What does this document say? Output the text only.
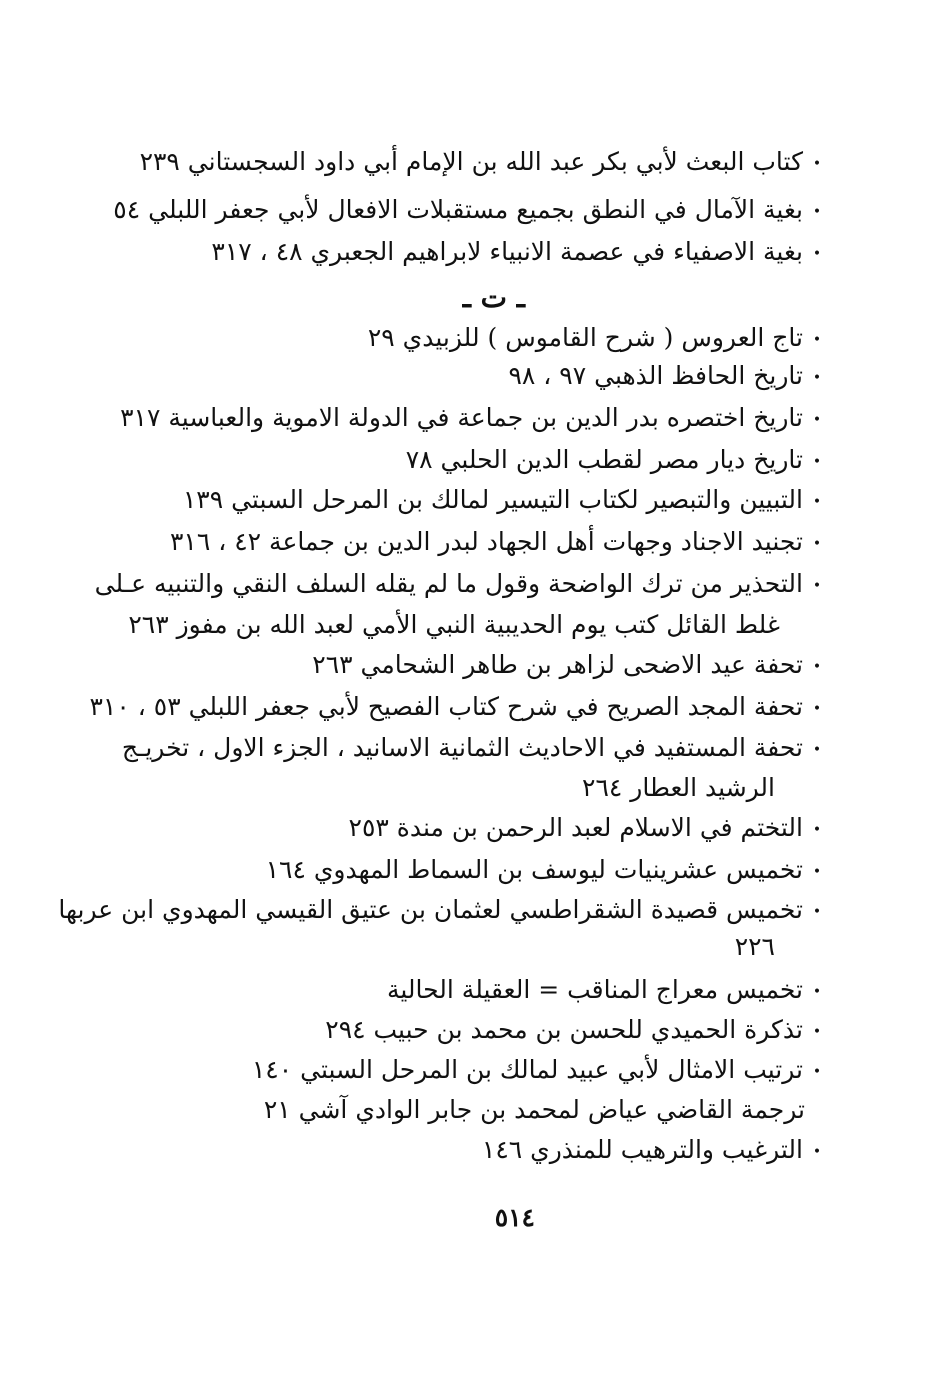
•كتاب البعث لأبي بكر عبد الله بن الإمام أبي داود السجستاني ٢٣٩
•بغية الآمال في النطق بجميع مستقبلات الافعال لأبي جعفر اللبلي ٥٤
•بغية الاصفياء في عصمة الانبياء لابراهيم الجعبري ٤٨ ، ٣١٧
ـ ت ـ
•تاج العروس ( شرح القاموس ) للزبيدي ٢٩
•تاريخ الحافظ الذهبي ٩٧ ، ٩٨
•تاريخ اختصره بدر الدين بن جماعة في الدولة الاموية والعباسية ٣١٧
•تاريخ ديار مصر لقطب الدين الحلبي ٧٨
•التبيين والتبصير لكتاب التيسير لمالك بن المرحل السبتي ١٣٩
•تجنيد الاجناد وجهات أهل الجهاد لبدر الدين بن جماعة ٤٢ ، ٣١٦
•التحذير من ترك الواضحة وقول ما لم يقله السلف النقي والتنبيه عـلى
غلط القائل كتب يوم الحديبية النبي الأمي لعبد الله بن مفوز ٢٦٣
•تحفة عيد الاضحى لزاهر بن طاهر الشحامي ٢٦٣
•تحفة المجد الصريح في شرح كتاب الفصيح لأبي جعفر اللبلي ٥٣ ، ٣١٠
•تحفة المستفيد في الاحاديث الثمانية الاسانيد ، الجزء الاول ، تخريـج
الرشيد العطار ٢٦٤
•التختم في الاسلام لعبد الرحمن بن مندة ٢٥٣
•تخميس عشرينيات ليوسف بن السماط المهدوي ١٦٤
•تخميس قصيدة الشقراطسي لعثمان بن عتيق القيسي المهدوي ابن عربها
٢٢٦
•تخميس معراج المناقب = العقيلة الحالية
•تذكرة الحميدي للحسن بن محمد بن حبيب ٢٩٤
•ترتيب الامثال لأبي عبيد لمالك بن المرحل السبتي ١٤٠
ترجمة القاضي عياض لمحمد بن جابر الوادي آشي ٢١
•الترغيب والترهيب للمنذري ١٤٦
٥١٤
